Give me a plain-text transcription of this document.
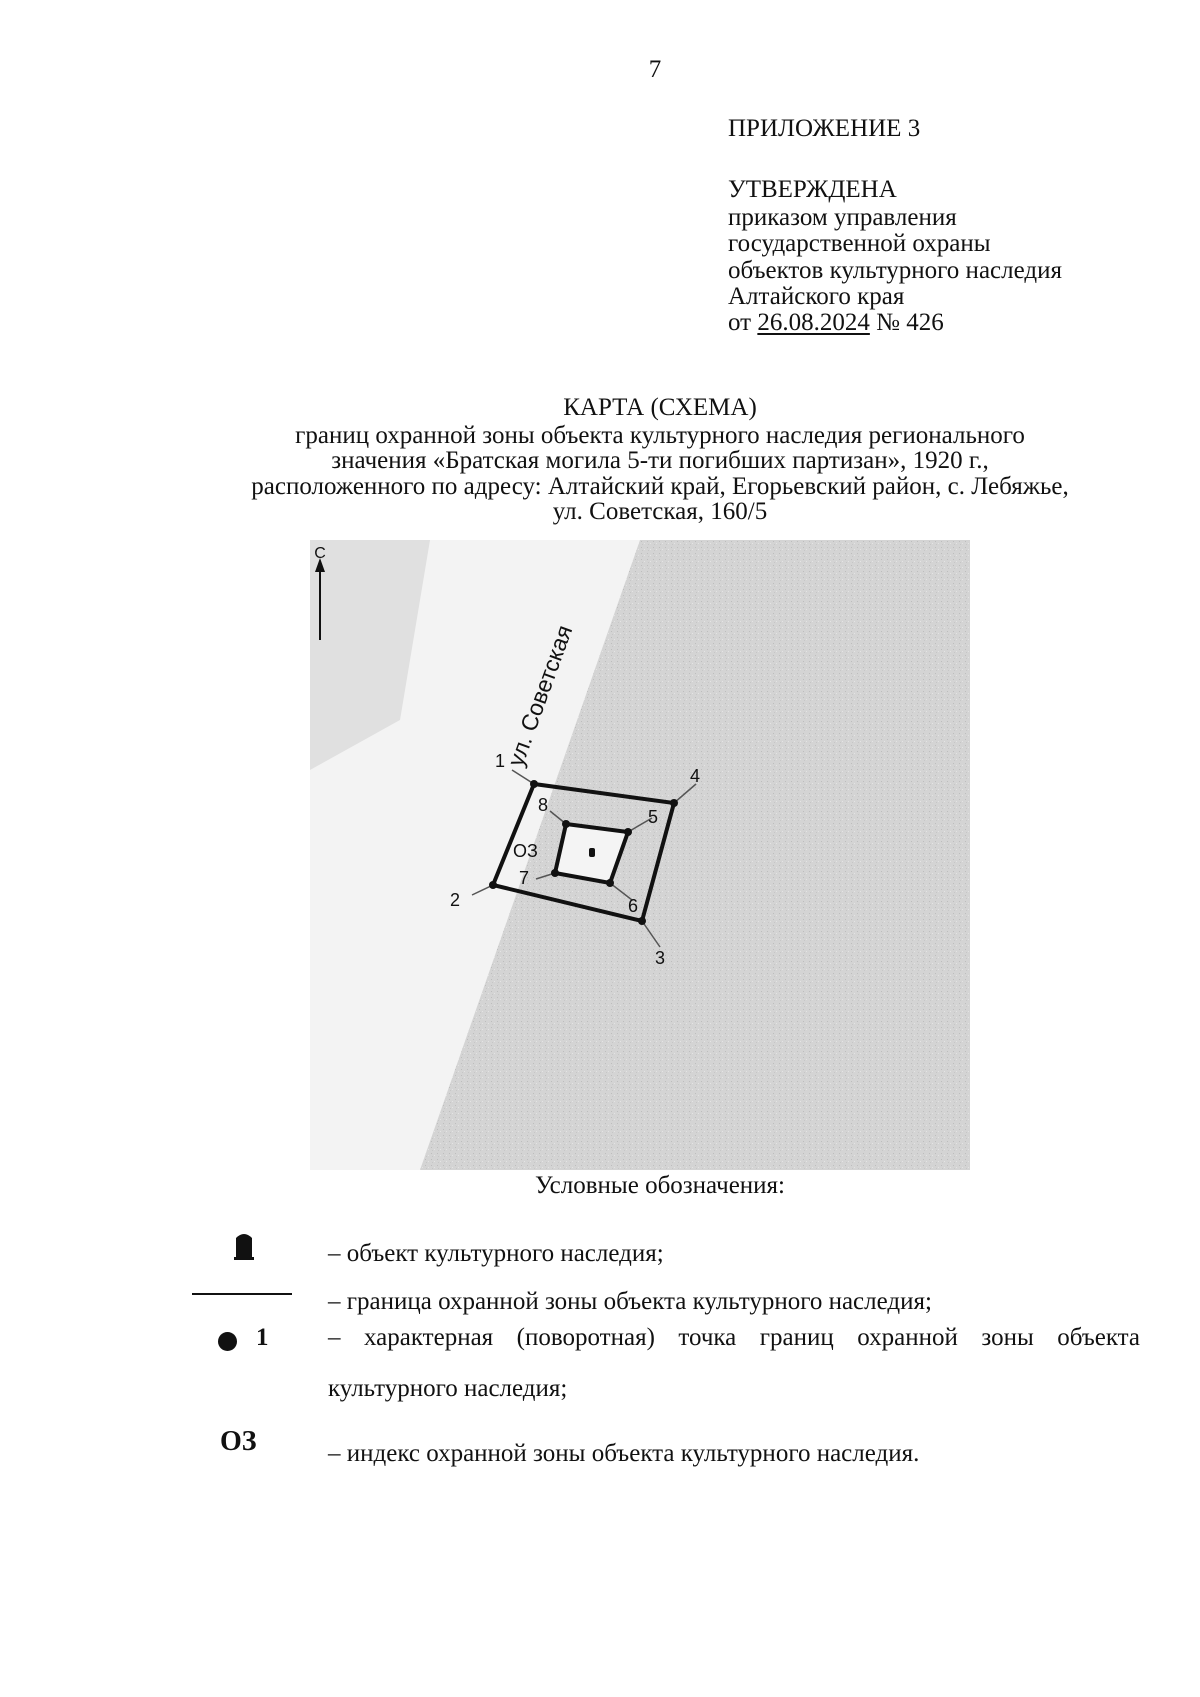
7
ПРИЛОЖЕНИЕ 3
УТВЕРЖДЕНА
приказом управления
государственной охраны
объектов культурного наследия
Алтайского края
от 26.08.2024 № 426
КАРТА (СХЕМА)
границ охранной зоны объекта культурного наследия регионального
значения «Братская могила 5-ти погибших партизан», 1920 г.,
расположенного по адресу: Алтайский край, Егорьевский район, с. Лебяжье,
ул. Советская, 160/5
С
ул. Советская
1
2
3
4
5
6
7
8
ОЗ
Условные обозначения:
– объект культурного наследия;
– граница охранной зоны объекта культурного наследия;
1 – характерная (поворотная) точка границ охранной зоны объекта культурного наследия;
ОЗ	– индекс охранной зоны объекта культурного наследия.
